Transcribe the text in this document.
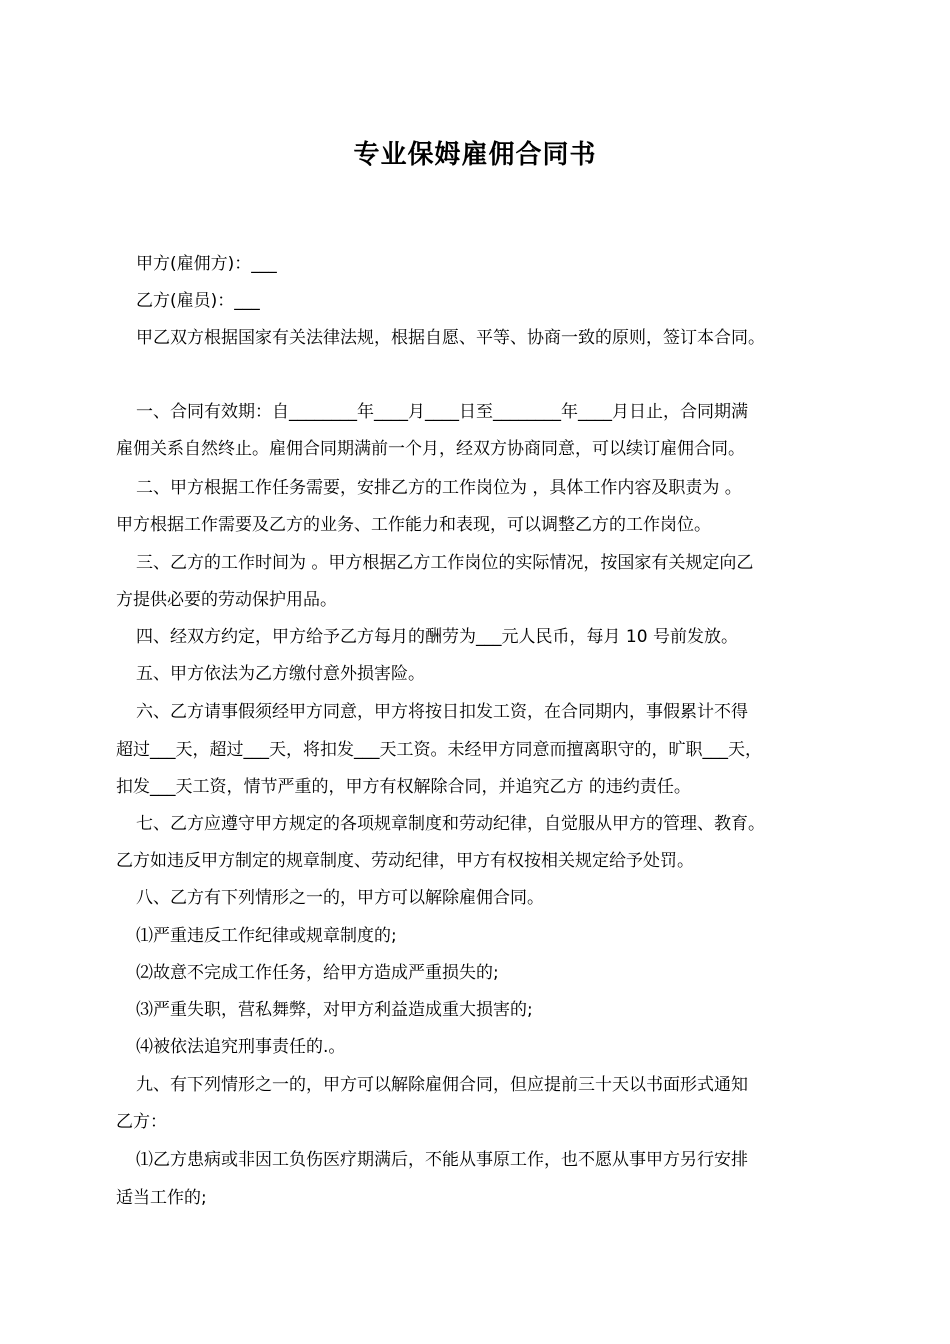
专业保姆雇佣合同书
甲方(雇佣方)：___
乙方(雇员)：___
甲乙双方根据国家有关法律法规，根据自愿、平等、协商一致的原则，签订本合同。
一、合同有效期：自________年____月____日至________年____月日止，合同期满
雇佣关系自然终止。雇佣合同期满前一个月，经双方协商同意，可以续订雇佣合同。
二、甲方根据工作任务需要，安排乙方的工作岗位为 ，具体工作内容及职责为 。
甲方根据工作需要及乙方的业务、工作能力和表现，可以调整乙方的工作岗位。
三、乙方的工作时间为 。甲方根据乙方工作岗位的实际情况，按国家有关规定向乙
方提供必要的劳动保护用品。
四、经双方约定，甲方给予乙方每月的酬劳为___元人民币，每月 10 号前发放。
五、甲方依法为乙方缴付意外损害险。
六、乙方请事假须经甲方同意，甲方将按日扣发工资，在合同期内，事假累计不得
超过___天，超过___天，将扣发___天工资。未经甲方同意而擅离职守的，旷职___天，
扣发___天工资，情节严重的，甲方有权解除合同，并追究乙方 的违约责任。
七、乙方应遵守甲方规定的各项规章制度和劳动纪律，自觉服从甲方的管理、教育。
乙方如违反甲方制定的规章制度、劳动纪律，甲方有权按相关规定给予处罚。
八、乙方有下列情形之一的，甲方可以解除雇佣合同。
⑴严重违反工作纪律或规章制度的;
⑵故意不完成工作任务，给甲方造成严重损失的;
⑶严重失职，营私舞弊，对甲方利益造成重大损害的;
⑷被依法追究刑事责任的.。
九、有下列情形之一的，甲方可以解除雇佣合同，但应提前三十天以书面形式通知
乙方：
⑴乙方患病或非因工负伤医疗期满后，不能从事原工作，也不愿从事甲方另行安排
适当工作的;
